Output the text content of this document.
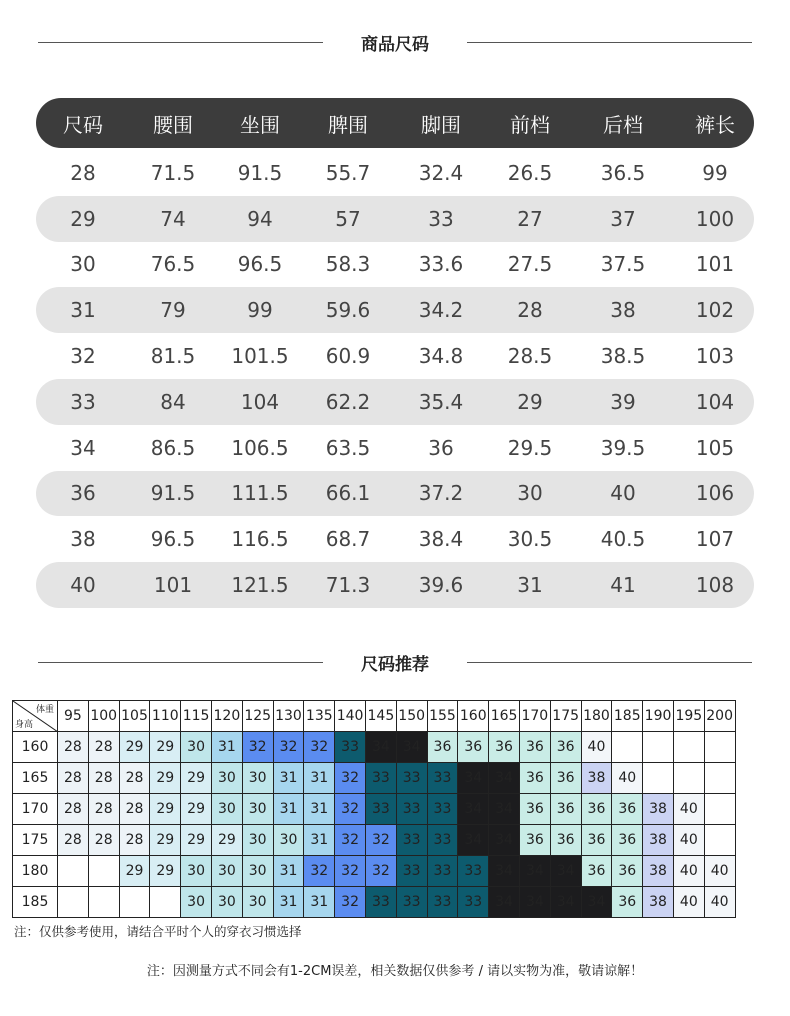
商品尺码
尺码	腰围	坐围	脾围	脚围	前档	后档	裤长
28	71.5	91.5	55.7	32.4	26.5	36.5	99
29	74	94	57	33	27	37	100
30	76.5	96.5	58.3	33.6	27.5	37.5	101
31	79	99	59.6	34.2	28	38	102
32	81.5	101.5	60.9	34.8	28.5	38.5	103
33	84	104	62.2	35.4	29	39	104
34	86.5	106.5	63.5	36	29.5	39.5	105
36	91.5	111.5	66.1	37.2	30	40	106
38	96.5	116.5	68.7	38.4	30.5	40.5	107
40	101	121.5	71.3	39.6	31	41	108
尺码推荐
体重
身高	95	100	105	110	115	120	125	130	135	140	145	150	155	160	165	170	175	180	185	190	195	200
160	28	28	29	29	30	31	32	32	32	33	34	34	36	36	36	36	36	40				
165	28	28	28	29	29	30	30	31	31	32	33	33	33	34	34	36	36	38	40			
170	28	28	28	29	29	30	30	31	31	32	33	33	33	34	34	36	36	36	36	38	40	
175	28	28	28	29	29	29	30	30	31	32	32	33	33	34	34	36	36	36	36	38	40	
180			29	29	30	30	30	31	32	32	32	33	33	33	34	34	34	36	36	38	40	40
185					30	30	30	31	31	32	33	33	33	33	34	34	34	34	36	38	40	40
注：仅供参考使用，请结合平时个人的穿衣习惯选择
注：因测量方式不同会有1-2CM误差，相关数据仅供参考 / 请以实物为准，敬请谅解！
